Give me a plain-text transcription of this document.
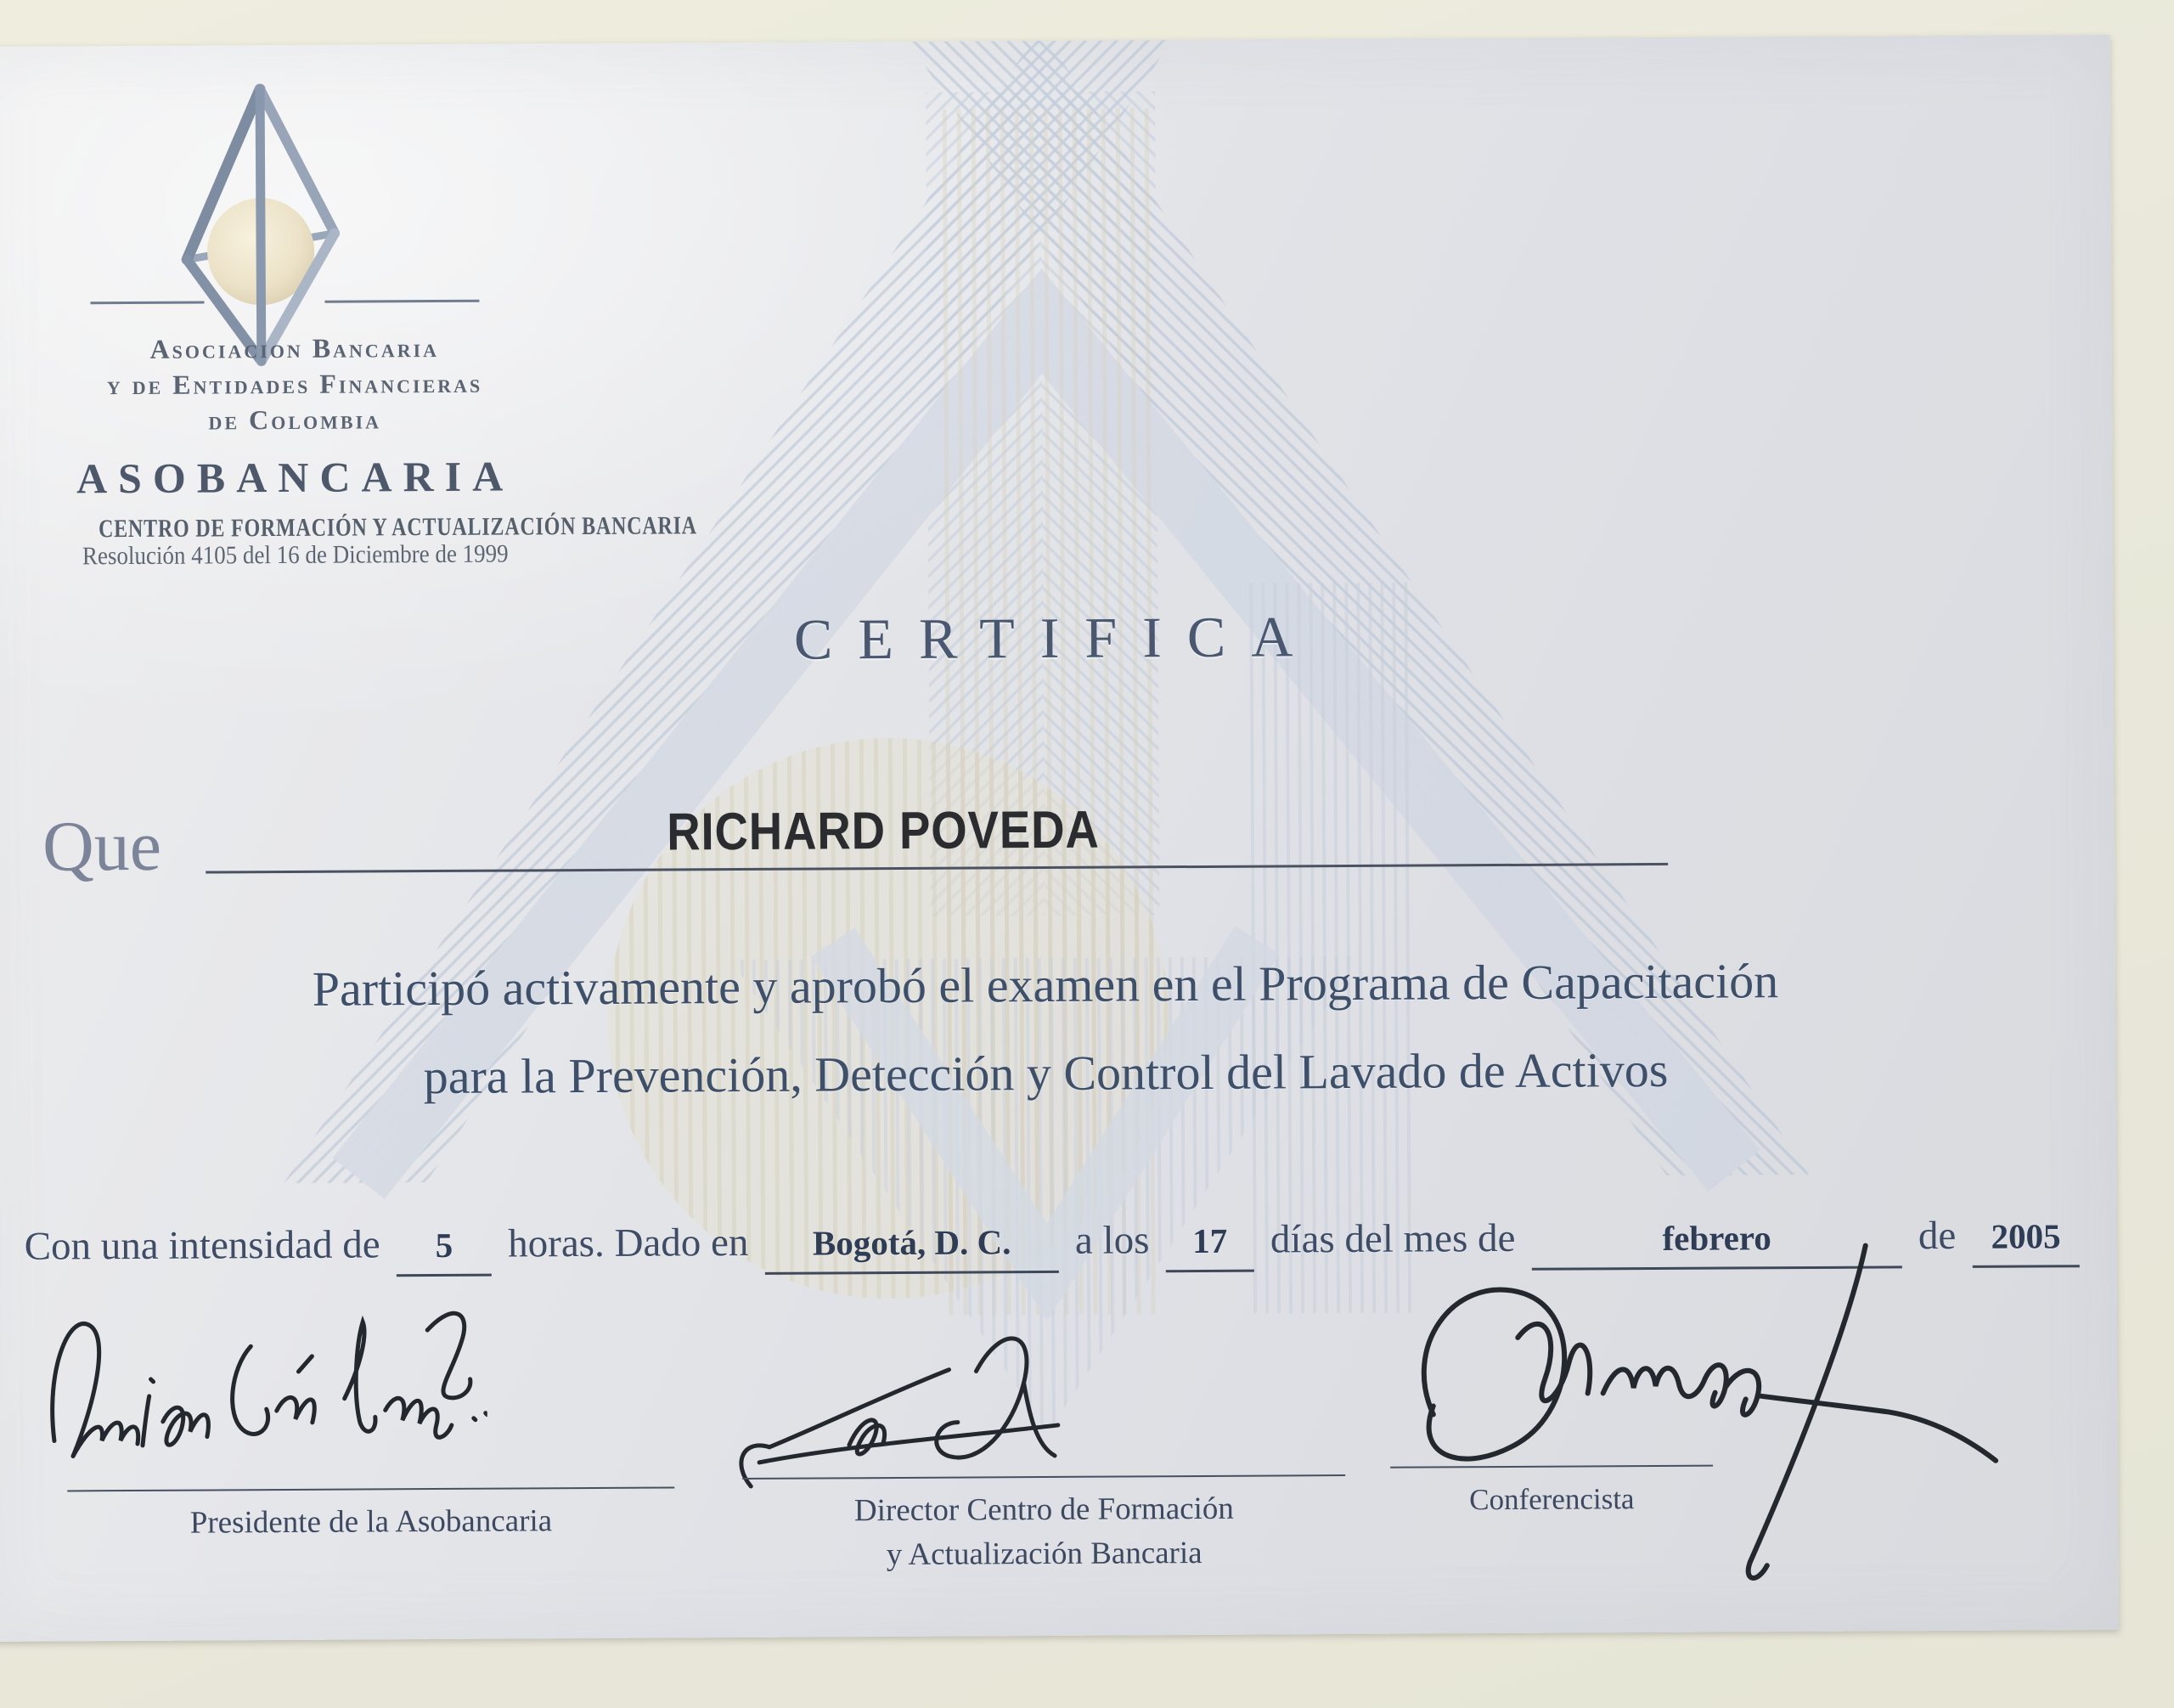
Asociacion Bancaria
y de Entidades Financieras
de Colombia
ASOBANCARIA
CENTRO DE FORMACIÓN Y ACTUALIZACIÓN BANCARIA
Resolución 4105 del 16 de Diciembre de 1999
CERTIFICA
Que	RICHARD POVEDA
Participó activamente y aprobó el examen en el Programa de Capacitación
para la Prevención, Detección y Control del Lavado de Activos
Con una intensidad de	5	horas. Dado en	Bogotá, D. C.	a los	17	días del mes de	febrero	de 2005
Presidente de la Asobancaria	Director Centro de Formación
y Actualización Bancaria
Conferencista
